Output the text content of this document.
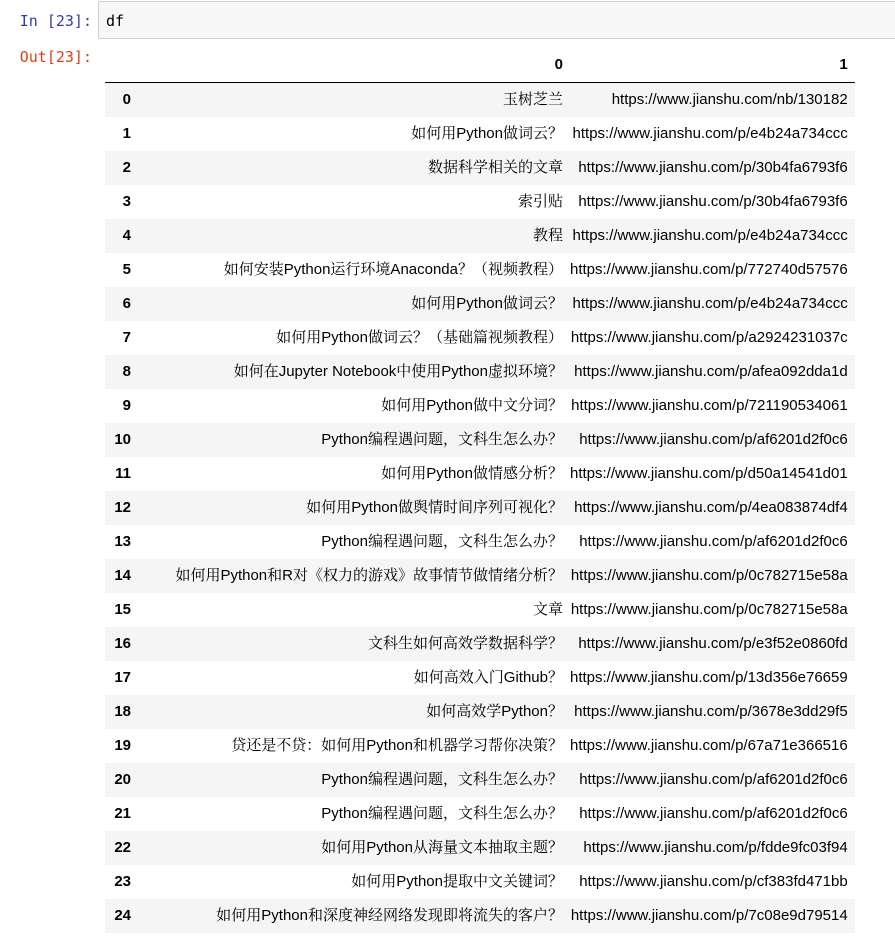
In [23]: df
Out[23]:
		0	1
0	玉树芝兰	https://www.jianshu.com/nb/130182
1	如何用Python做词云？	https://www.jianshu.com/p/e4b24a734ccc
2	数据科学相关的文章	https://www.jianshu.com/p/30b4fa6793f6
3	索引贴	https://www.jianshu.com/p/30b4fa6793f6
4	教程	https://www.jianshu.com/p/e4b24a734ccc
5	如何安装Python运行环境Anaconda？（视频教程）	https://www.jianshu.com/p/772740d57576
6	如何用Python做词云？	https://www.jianshu.com/p/e4b24a734ccc
7	如何用Python做词云？（基础篇视频教程）	https://www.jianshu.com/p/a2924231037c
8	如何在Jupyter Notebook中使用Python虚拟环境？	https://www.jianshu.com/p/afea092dda1d
9	如何用Python做中文分词？	https://www.jianshu.com/p/721190534061
10	Python编程遇问题，文科生怎么办？	https://www.jianshu.com/p/af6201d2f0c6
11	如何用Python做情感分析？	https://www.jianshu.com/p/d50a14541d01
12	如何用Python做舆情时间序列可视化？	https://www.jianshu.com/p/4ea083874df4
13	Python编程遇问题，文科生怎么办？	https://www.jianshu.com/p/af6201d2f0c6
14	如何用Python和R对《权力的游戏》故事情节做情绪分析？	https://www.jianshu.com/p/0c782715e58a
15	文章	https://www.jianshu.com/p/0c782715e58a
16	文科生如何高效学数据科学？	https://www.jianshu.com/p/e3f52e0860fd
17	如何高效入门Github？	https://www.jianshu.com/p/13d356e76659
18	如何高效学Python？	https://www.jianshu.com/p/3678e3dd29f5
19	贷还是不贷：如何用Python和机器学习帮你决策？	https://www.jianshu.com/p/67a71e366516
20	Python编程遇问题，文科生怎么办？	https://www.jianshu.com/p/af6201d2f0c6
21	Python编程遇问题，文科生怎么办？	https://www.jianshu.com/p/af6201d2f0c6
22	如何用Python从海量文本抽取主题？	https://www.jianshu.com/p/fdde9fc03f94
23	如何用Python提取中文关键词？	https://www.jianshu.com/p/cf383fd471bb
24	如何用Python和深度神经网络发现即将流失的客户？	https://www.jianshu.com/p/7c08e9d79514
